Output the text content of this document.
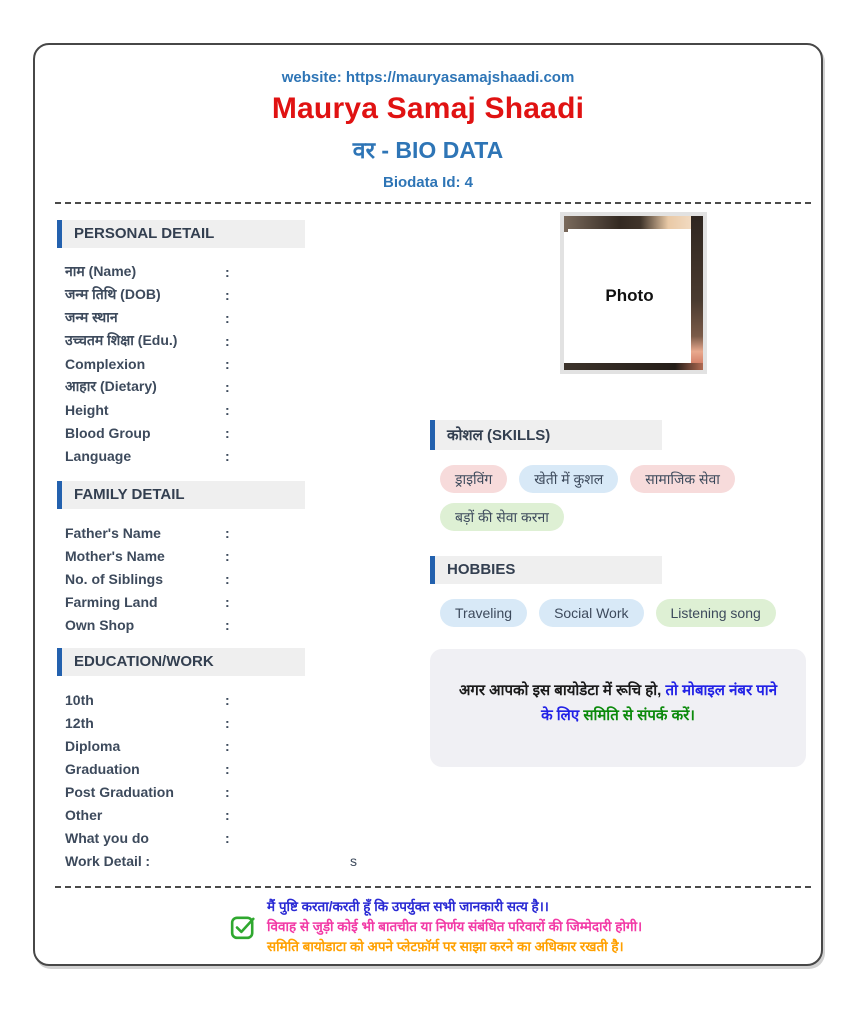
website: https://mauryasamajshaadi.com
Maurya Samaj Shaadi
वर - BIO DATA
Biodata Id: 4
PERSONAL DETAIL
नाम (Name)	:
जन्म तिथि (DOB)	:
जन्म स्थान	:
उच्चतम शिक्षा (Edu.)	:
Complexion	:
आहार (Dietary)	:
Height	:
Blood Group	:
Language	:
FAMILY DETAIL
Father's Name	:
Mother's Name	:
No. of Siblings	:
Farming Land	:
Own Shop	:
EDUCATION/WORK
10th	:
12th	:
Diploma	:
Graduation	:
Post Graduation	:
Other	:
What you do	:
Work Detail :	s
Photo
कोशल (SKILLS)
ड्राइविंग	खेती में कुशल	सामाजिक सेवा
बड़ों की सेवा करना
HOBBIES
Traveling	Social Work	Listening song
अगर आपको इस बायोडेटा में रूचि हो, तो मोबाइल नंबर पाने के लिए समिति से संपर्क करें।
मैं पुष्टि करता/करती हूँ कि उपर्युक्त सभी जानकारी सत्य है।।
विवाह से जुड़ी कोई भी बातचीत या निर्णय संबंधित परिवारों की जिम्मेदारी होगी।
समिति बायोडाटा को अपने प्लेटफ़ॉर्म पर साझा करने का अधिकार रखती है।
